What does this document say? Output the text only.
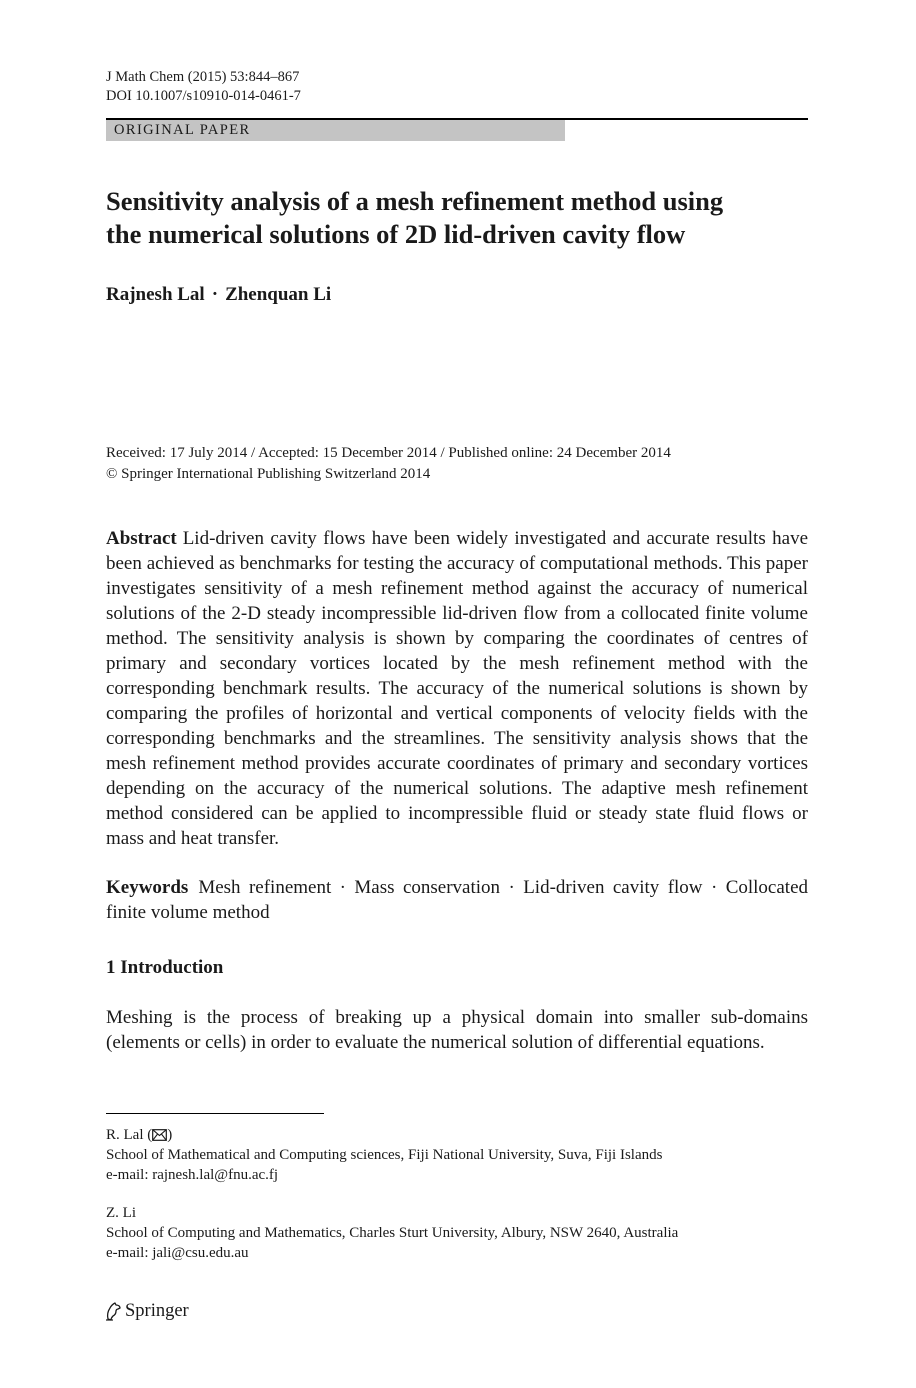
J Math Chem (2015) 53:844–867
DOI 10.1007/s10910-014-0461-7
ORIGINAL PAPER
Sensitivity analysis of a mesh refinement method using
the numerical solutions of 2D lid-driven cavity flow
Rajnesh Lal · Zhenquan Li
Received: 17 July 2014 / Accepted: 15 December 2014 / Published online: 24 December 2014
© Springer International Publishing Switzerland 2014
Abstract Lid-driven cavity flows have been widely investigated and accurate results have been achieved as benchmarks for testing the accuracy of computational methods. This paper investigates sensitivity of a mesh refinement method against the accuracy of numerical solutions of the 2-D steady incompressible lid-driven flow from a collocated finite volume method. The sensitivity analysis is shown by comparing the coordinates of centres of primary and secondary vortices located by the mesh refinement method with the corresponding benchmark results. The accuracy of the numerical solutions is shown by comparing the profiles of horizontal and vertical components of velocity fields with the corresponding benchmarks and the streamlines. The sensitivity analysis shows that the mesh refinement method provides accurate coordinates of primary and secondary vortices depending on the accuracy of the numerical solutions. The adaptive mesh refinement method considered can be applied to incompressible fluid or steady state fluid flows or mass and heat transfer.
Keywords Mesh refinement · Mass conservation · Lid-driven cavity flow · Collocated finite volume method
1 Introduction
Meshing is the process of breaking up a physical domain into smaller sub-domains (elements or cells) in order to evaluate the numerical solution of differential equations.
R. Lal ( )
School of Mathematical and Computing sciences, Fiji National University, Suva, Fiji Islands
e-mail: rajnesh.lal@fnu.ac.fj
Z. Li
School of Computing and Mathematics, Charles Sturt University, Albury, NSW 2640, Australia
e-mail: jali@csu.edu.au
Springer
